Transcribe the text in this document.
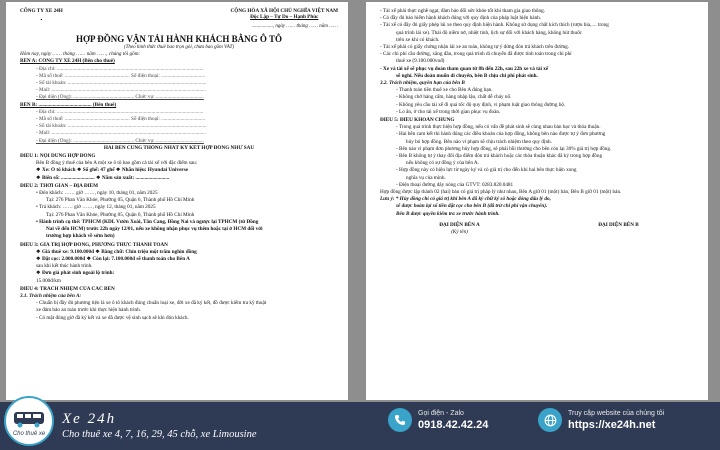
CÔNG TY XE 24H
	CỘNG HÒA XÃ HỘI CHỦ NGHĨA VIỆT NAM
Độc Lập – Tự Do – Hạnh Phúc
................., ngày …… tháng …… năm ……
HỢP ĐỒNG VẬN TẢI HÀNH KHÁCH BẰNG Ô TÔ
(Theo hình thức thuê bao trọn gói, chưa bao gồm VAT)
Hôm nay, ngày …… tháng …… năm ……, chúng tôi gồm:
BÊN A: CÔNG TY XE 24H (Bên cho thuê)
- Địa chỉ: .................................................................................................................
- Mã số thuế: .................................................. Số điện thoại: ..................................
- Số tài khoản: ...........................................................................................................
- Mail: .......................................................................................................................
- Đại diện (Ông): ............................................... Chức vụ: .....................................
BÊN B: ......................................... (Bên thuê)
- Địa chỉ: .................................................................................................................
- Mã số thuế: .................................................. Số điện thoại: ..................................
- Số tài khoản: ...........................................................................................................
- Mail: .......................................................................................................................
- Đại diện (Ông): ............................................... Chức vụ: .....................................
HAI BÊN CÙNG THỐNG NHẤT KÝ KẾT HỢP ĐỒNG NHƯ SAU
ĐIỀU 1: NỘI DUNG HỢP ĐỒNG
Bên B đồng ý thuê của bên A một xe ô tô bao gồm cả tài xế với đặc điểm sau:
❖ Xe: Ô tô khách ❖ Số ghế: 47 ghế ❖ Nhãn hiệu: Hyundai Universe
❖ Biển số: .......................... ❖ Năm sản xuất: ..........................
ĐIỀU 2: THỜI GIAN – ĐỊA ĐIỂM
• Đón khách: …… giờ ……, ngày 10, tháng 01, năm 2025
Tại: 276 Phan Văn Khỏe, Phường 05, Quận 6, Thành phố Hồ Chí Minh
• Trả khách: …… giờ ……, ngày 12, tháng 01, năm 2025
Tại: 276 Phan Văn Khỏe, Phường 05, Quận 6, Thành phố Hồ Chí Minh
• Hành trình cụ thể: TPHCM (KDL Vườn Xoài, Tân Cang, Đồng Nai và ngược lại TPHCM (từ Đồng
Nai về đến HCM) trước 22h ngày 12/01, nếu xe không nhận phục vụ thêm hoặc tại ở HCM đối với
trường hợp khách về sớm hơn)
ĐIỀU 3: GIÁ TRỊ HỢP ĐỒNG, PHƯƠNG THỨC THANH TOÁN
❖ Giá thuê xe: 9.100.000đ ❖ Bằng chữ: Chín triệu một trăm nghìn đồng
❖ Đặt cọc: 2.000.000đ ❖ Còn lại: 7.100.000đ sẽ thanh toán cho Bên A
sau khi kết thúc hành trình.
❖ Đơn giá phát sinh ngoài lộ trình:
15.000đ/km
ĐIỀU 4: TRÁCH NHIỆM CỦA CÁC BÊN
3.1. Trách nhiệm của bên A:
- Chuẩn bị đầy đủ phương tiện là xe ô tô khách đúng chuẩn loại xe, đời xe đã ký kết, đồ được kiểm tra kỹ thuật
xe đảm bảo an toàn trước khi thực hiện hành trình.
- Có mặt đúng giờ đã ký kết và xe đã được vệ sinh sạch sẽ khi đón khách.
- Tài xế phải thực nghề ngạt, đảm bảo đổi sức khỏe tốt khi tham gia giao thông.
- Có đầy đủ báo hiểm hành khách đúng với quy định của pháp luật hiện hành.
- Tài xế có đầy đủ giấy phép lái xe theo quy định hiện hành. Không sử dụng chất kích thích (rượu bia,.... trong
quá trình lái xe). Thái độ niềm nở, nhiệt tình, lịch sự đối với khách hàng, không hút thuốc
trên xe khi có khách.
- Tài xế phải có giấy chứng nhận lái xe an toàn, không tự ý dừng đón trả khách trên đường.
- Các chi phí cầu đường, xăng dầu, trong quá trình di chuyển đã được tính toán trong chi phí
thuê xe (9.100.000vnđ)
- Xe và tài xế sẽ phục vụ đoàn tham quan từ 8h đến 22h, sau 22h xe và tài xế
sẽ nghỉ. Nếu đoàn muốn di chuyển, bên B chịu chi phí phát sinh.
3.2. Trách nhiệm, quyền hạn của bên B
- Thanh toán tiền thuê xe cho Bên A đúng hạn.
- Không chở hàng cấm, hàng nhập lậu, chất dễ cháy nổ.
- Không yêu cầu tài xế đi quá tốc độ quy định, vi phạm luật giao thông đường bộ.
- Lo ăn, ở cho tài xế trong thời gian phục vụ đoàn.
ĐIỀU 5: ĐIỀU KHOẢN CHUNG
- Trong quá trình thực hiện hợp đồng, nếu có vấn đề phát sinh sẽ cùng nhau bàn bạc và thỏa thuận.
- Hai bên cam kết thi hành đúng các điều khoản của hợp đồng, không bên nào được tự ý đơn phương
hủy bỏ hợp đồng. Bên nào vi phạm sẽ chịu trách nhiệm theo quy định.
- Bên nào vi phạm đơn phương hủy hợp đồng, sẽ phải bồi thường cho bên còn lại 30% giá trị hợp đồng.
- Bên B không tự ý thay đổi địa điểm đón trả khách hoặc các thỏa thuận khác đã ký trong hợp đồng
nếu không có sự đồng ý của bên A.
- Hợp đồng này có hiệu lực từ ngày ký và có giá trị cho đến khi hai bên thực hiện xong
nghĩa vụ của mình.
- Điện thoại đường dây nóng của GTVT: 0283.820.0481
Hợp đồng được lập thành 02 (hai) bản có giá trị pháp lý như nhau, Bên A giữ 01 (một) bản, Bên B giữ 01 (một) bản.
Lưu ý: * Hủy đồng chỉ có giá trị khi bên A đã ký chữ ký số hoặc đóng dấu lý do,
sẽ được hoàn lại số tiền đặt cọc cho bên B (đã trừ chi phí vận chuyển).
Bên B được quyền kiểm tra xe trước hành trình.
ĐẠI DIỆN BÊN A
(Ký tên)
ĐẠI DIỆN BÊN B
Xe 24h
Cho thuê xe 4, 7, 16, 29, 45 chỗ, xe Limousine
Cho thuê xe
Gọi điện - Zalo
0918.42.42.24
Truy cập website của chúng tôi
https://xe24h.net
